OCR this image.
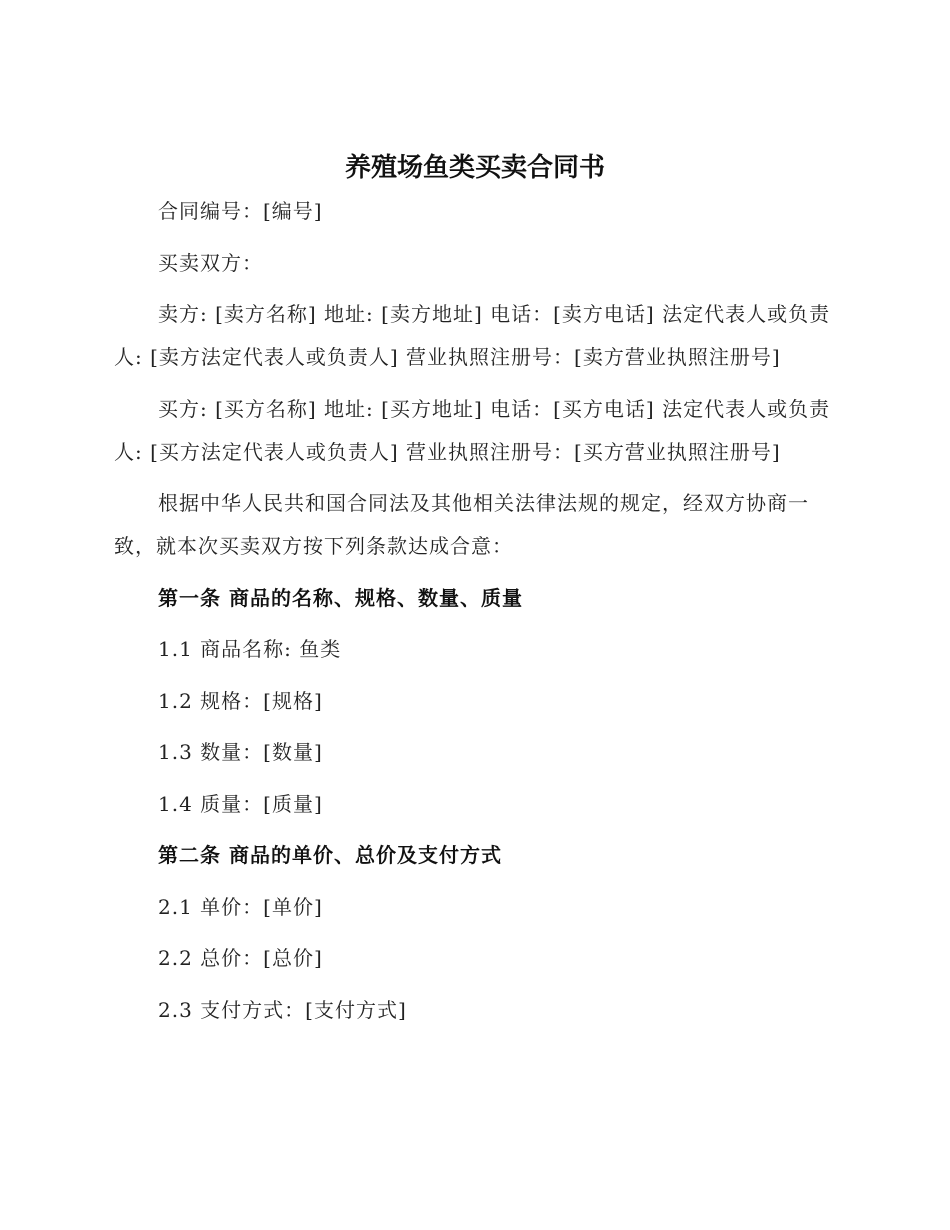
养殖场鱼类买卖合同书

合同编号：[编号]

买卖双方：

卖方: [卖方名称] 地址: [卖方地址] 电话：[卖方电话] 法定代表人或负责人: [卖方法定代表人或负责人] 营业执照注册号：[卖方营业执照注册号]

买方: [买方名称] 地址: [买方地址] 电话：[买方电话] 法定代表人或负责人: [买方法定代表人或负责人] 营业执照注册号：[买方营业执照注册号]

根据中华人民共和国合同法及其他相关法律法规的规定，经双方协商一致，就本次买卖双方按下列条款达成合意：

第一条 商品的名称、规格、数量、质量

1.1 商品名称: 鱼类

1.2 规格：[规格]

1.3 数量：[数量]

1.4 质量：[质量]

第二条 商品的单价、总价及支付方式

2.1 单价：[单价]

2.2 总价：[总价]

2.3 支付方式：[支付方式]
